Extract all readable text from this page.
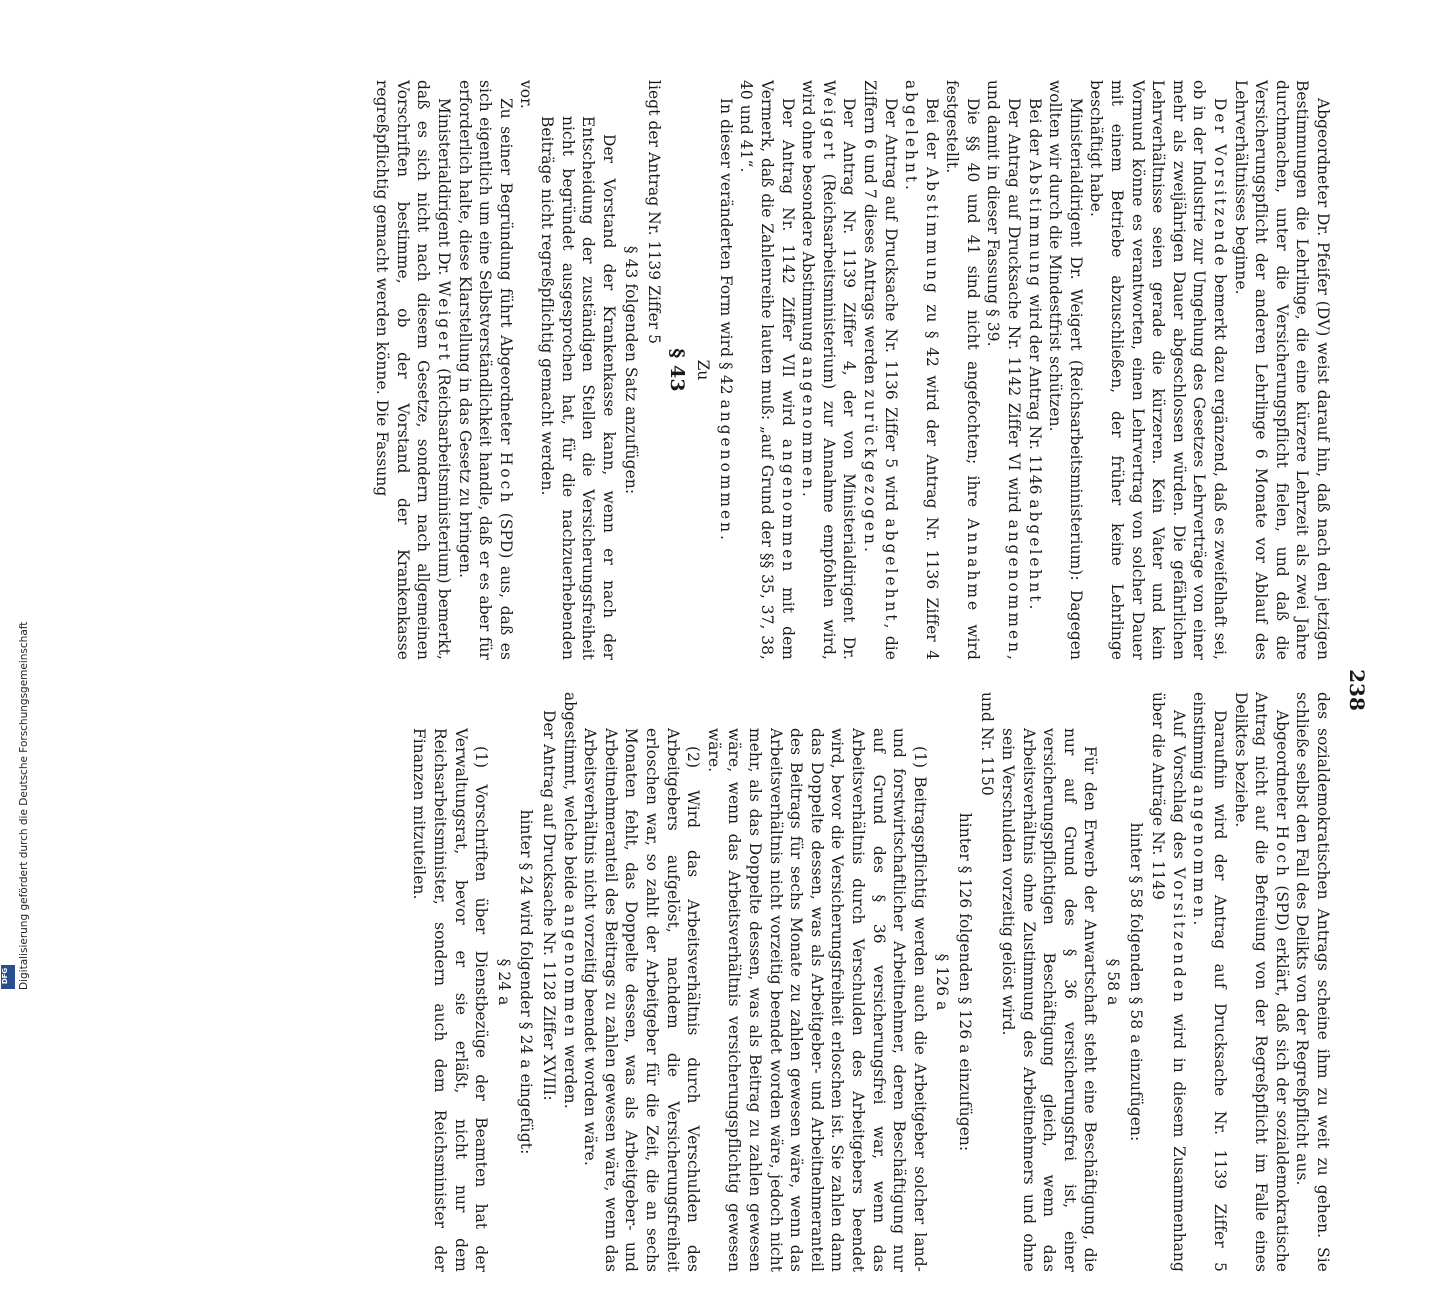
238

Abgeordneter Dr. Pfeifer (DV) weist darauf hin, daß nach den jetzigen Bestimmungen die Lehrlinge, die eine kürzere Lehrzeit als zwei Jahre durchmachen, unter die Versicherungspflicht fielen, und daß die Versicherungspflicht der anderen Lehrlinge 6 Monate vor Ablauf des Lehrverhältnisses beginne.

Der Vorsitzende bemerkt dazu ergänzend, daß es zweifelhaft sei, ob in der Industrie zur Umgehung des Gesetzes Lehrverträge von einer mehr als zweijährigen Dauer abgeschlossen würden. Die gefährlichen Lehrverhältnisse seien gerade die kürzeren. Kein Vater und kein Vormund könne es verantworten, einen Lehrvertrag von solcher Dauer mit einem Betriebe abzuschließen, der früher keine Lehrlinge beschäftigt habe.

Ministerialdirigent Dr. Weigert (Reichsarbeitsministerium): Dagegen wollten wir durch die Mindestfrist schützen.

Bei der Abstimmung wird der Antrag Nr. 1146 abgelehnt.

Der Antrag auf Drucksache Nr. 1142 Ziffer VI wird angenommen, und damit in dieser Fassung § 39.

Die §§ 40 und 41 sind nicht angefochten; ihre Annahme wird festgestellt.

Bei der Abstimmung zu § 42 wird der Antrag Nr. 1136 Ziffer 4 abgelehnt.

Der Antrag auf Drucksache Nr. 1136 Ziffer 5 wird abgelehnt, die Ziffern 6 und 7 dieses Antrags werden zurückgezogen.

Der Antrag Nr. 1139 Ziffer 4, der von Ministerialdirigent Dr. Weigert (Reichsarbeitsministerium) zur Annahme empfohlen wird, wird ohne besondere Abstimmung angenommen.

Der Antrag Nr. 1142 Ziffer VII wird angenommen mit dem Vermerk, daß die Zahlenreihe lauten muß: „auf Grund der §§ 35, 37, 38, 40 und 41“.

In dieser veränderten Form wird § 42 angenommen.

Zu

§ 43

liegt der Antrag Nr. 1139 Ziffer 5

§ 43 folgenden Satz anzufügen:

Der Vorstand der Krankenkasse kann, wenn er nach der Entscheidung der zuständigen Stellen die Versicherungsfreiheit nicht begründet ausgesprochen hat, für die nachzuerhebenden Beiträge nicht regreßpflichtig gemacht werden.

vor.

Zu seiner Begründung führt Abgeordneter Hoch (SPD) aus, daß es sich eigentlich um eine Selbstverständlichkeit handle, daß er es aber für erforderlich halte, diese Klarstellung in das Gesetz zu bringen.

Ministerialdirigent Dr. Weigert (Reichsarbeitsministerium) bemerkt, daß es sich nicht nach diesem Gesetze, sondern nach allgemeinen Vorschriften bestimme, ob der Vorstand der Krankenkasse regreßpflichtig gemacht werden könne. Die Fassung

des sozialdemokratischen Antrags scheine ihm zu weit zu gehen. Sie schließe selbst den Fall des Delikts von der Regreßpflicht aus.

Abgeordneter Hoch (SPD) erklärt, daß sich der sozialdemokratische Antrag nicht auf die Befreiung von der Regreßpflicht im Falle eines Deliktes beziehe.

Daraufhin wird der Antrag auf Drucksache Nr. 1139 Ziffer 5 einstimmig angenommen.

Auf Vorschlag des Vorsitzenden wird in diesem Zusammenhang über die Anträge Nr. 1149

hinter § 58 folgenden § 58 a einzufügen:

§ 58 a

Für den Erwerb der Anwartschaft steht eine Beschäftigung, die nur auf Grund des § 36 versicherungsfrei ist, einer versicherungspflichtigen Beschäftigung gleich, wenn das Arbeitsverhältnis ohne Zustimmung des Arbeitnehmers und ohne sein Verschulden vorzeitig gelöst wird.

und Nr. 1150

hinter § 126 folgenden § 126 a einzufügen:

§ 126 a

(1) Beitragspflichtig werden auch die Arbeitgeber solcher land- und forstwirtschaftlicher Arbeitnehmer, deren Beschäftigung nur auf Grund des § 36 versicherungsfrei war, wenn das Arbeitsverhältnis durch Verschulden des Arbeitgebers beendet wird, bevor die Versicherungsfreiheit erloschen ist. Sie zahlen dann das Doppelte dessen, was als Arbeitgeber- und Arbeitnehmeranteil des Beitrags für sechs Monate zu zahlen gewesen wäre, wenn das Arbeitsverhältnis nicht vorzeitig beendet worden wäre, jedoch nicht mehr, als das Doppelte dessen, was als Beitrag zu zahlen gewesen wäre, wenn das Arbeitsverhältnis versicherungspflichtig gewesen wäre.

(2) Wird das Arbeitsverhältnis durch Verschulden des Arbeitgebers aufgelöst, nachdem die Versicherungsfreiheit erloschen war, so zahlt der Arbeitgeber für die Zeit, die an sechs Monaten fehlt, das Doppelte dessen, was als Arbeitgeber- und Arbeitnehmeranteil des Beitrags zu zahlen gewesen wäre, wenn das Arbeitsverhältnis nicht vorzeitig beendet worden wäre.

abgestimmt, welche beide angenommen werden.

Der Antrag auf Drucksache Nr. 1128 Ziffer XVIII:

hinter § 24 wird folgender § 24 a eingefügt:

§ 24 a

(1) Vorschriften über Dienstbezüge der Beamten hat der Verwaltungsrat, bevor er sie erläßt, nicht nur dem Reichsarbeitsminister, sondern auch dem Reichsminister der Finanzen mitzuteilen.

Digitalisierung gefördert durch die Deutsche Forschungsgemeinschaft
DFG
